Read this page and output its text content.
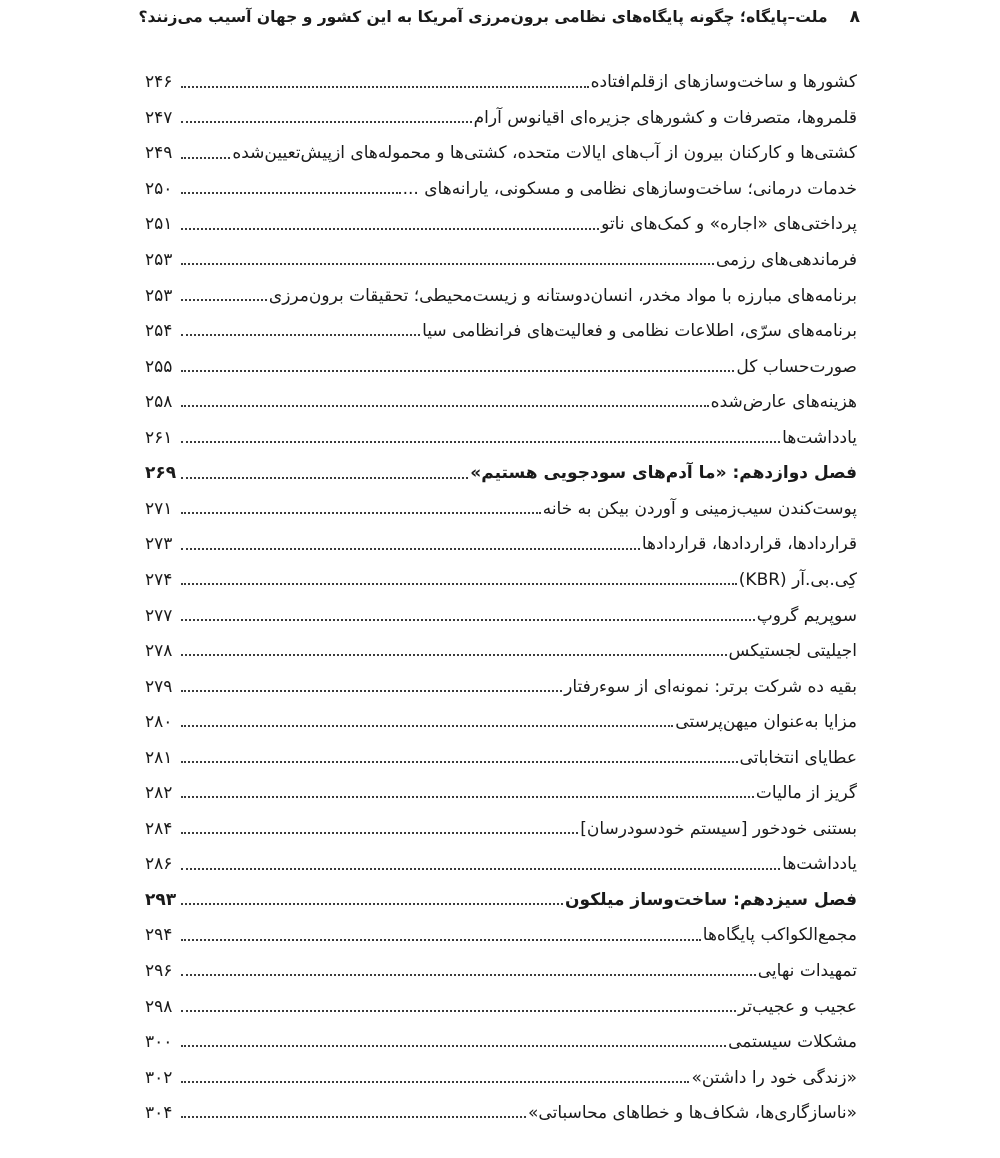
۸
ملت–پایگاه؛ چگونه پایگاه‌های نظامی برون‌مرزی آمریکا به این کشور و جهان آسیب می‌زنند؟
کشورها و ساخت‌وسازهای ازقلم‌افتاده
۲۴۶
قلمروها، متصرفات و کشورهای جزیره‌ای اقیانوس آرام
۲۴۷
کشتی‌ها و کارکنان بیرون از آب‌های ایالات متحده، کشتی‌ها و محموله‌های ازپیش‌تعیین‌شده
۲۴۹
خدمات درمانی؛ ساخت‌وسازهای نظامی و مسکونی، یارانه‌های ...
۲۵۰
پرداختی‌های «اجاره» و کمک‌های ناتو
۲۵۱
فرماندهی‌های رزمی
۲۵۳
برنامه‌های مبارزه با مواد مخدر، انسان‌دوستانه و زیست‌محیطی؛ تحقیقات برون‌مرزی
۲۵۳
برنامه‌های سرّی، اطلاعات نظامی و فعالیت‌های فرانظامی سیا
۲۵۴
صورت‌حساب کل
۲۵۵
هزینه‌های عارض‌شده
۲۵۸
یادداشت‌ها
۲۶۱
فصل دوازدهم: «ما آدم‌های سودجویی هستیم»
۲۶۹
پوست‌کندن سیب‌زمینی و آوردن بیکن به خانه
۲۷۱
قراردادها، قراردادها، قراردادها
۲۷۳
کِی.بی.آر (KBR)
۲۷۴
سوپریم گروپ
۲۷۷
اجیلیتی لجستیکس
۲۷۸
بقیه ده شرکت برتر: نمونه‌ای از سوءرفتار
۲۷۹
مزایا به‌عنوان میهن‌پرستی
۲۸۰
عطایای انتخاباتی
۲۸۱
گریز از مالیات
۲۸۲
بستنی خودخور [سیستم خودسودرسان]
۲۸۴
یادداشت‌ها
۲۸۶
فصل سیزدهم: ساخت‌وساز میلکون
۲۹۳
مجمع‌الکواکب پایگاه‌ها
۲۹۴
تمهیدات نهایی
۲۹۶
عجیب و عجیب‌تر
۲۹۸
مشکلات سیستمی
۳۰۰
«زندگی خود را داشتن»
۳۰۲
«ناسازگاری‌ها، شکاف‌ها و خطاهای محاسباتی»
۳۰۴
